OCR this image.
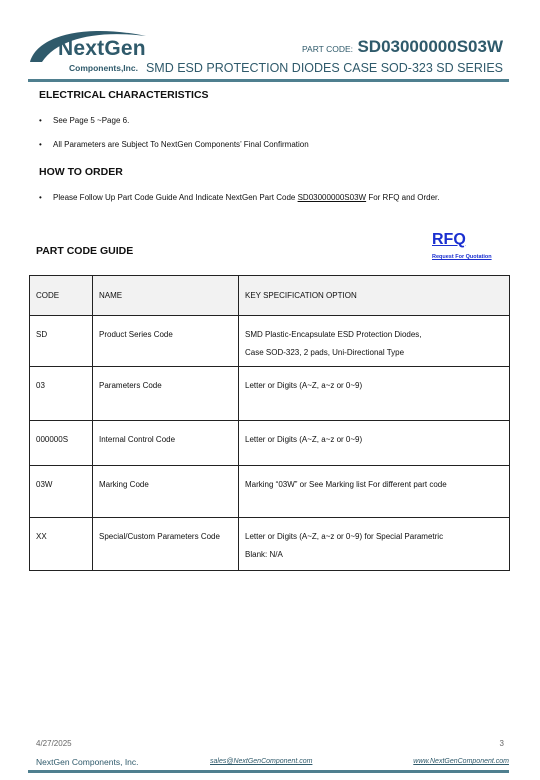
NextGen
Components,Inc.
PART CODE: SD03000000S03W
SMD ESD PROTECTION DIODES CASE SOD-323 SD SERIES
ELECTRICAL CHARACTERISTICS
• See Page 5 ~Page 6.
• All Parameters are Subject To NextGen Components’ Final Confirmation
HOW TO ORDER
• Please Follow Up Part Code Guide And Indicate NextGen Part Code SD03000000S03W For RFQ and Order.
PART CODE GUIDE
RFQ
Request For Quotation
CODE	NAME	KEY SPECIFICATION OPTION
SD	Product Series Code	SMD Plastic-Encapsulate ESD Protection Diodes,
Case SOD-323, 2 pads, Uni-Directional Type

03	Parameters Code	Letter or Digits (A~Z, a~z or 0~9)

000000S	Internal Control Code	Letter or Digits (A~Z, a~z or 0~9)

03W	Marking Code	Marking “03W” or See Marking list For different part code

XX	Special/Custom Parameters Code	Letter or Digits (A~Z, a~z or 0~9) for Special Parametric
Blank: N/A
4/27/2025	3
NextGen Components, Inc.	sales@NextGenComponent.com	www.NextGenComponent.com
